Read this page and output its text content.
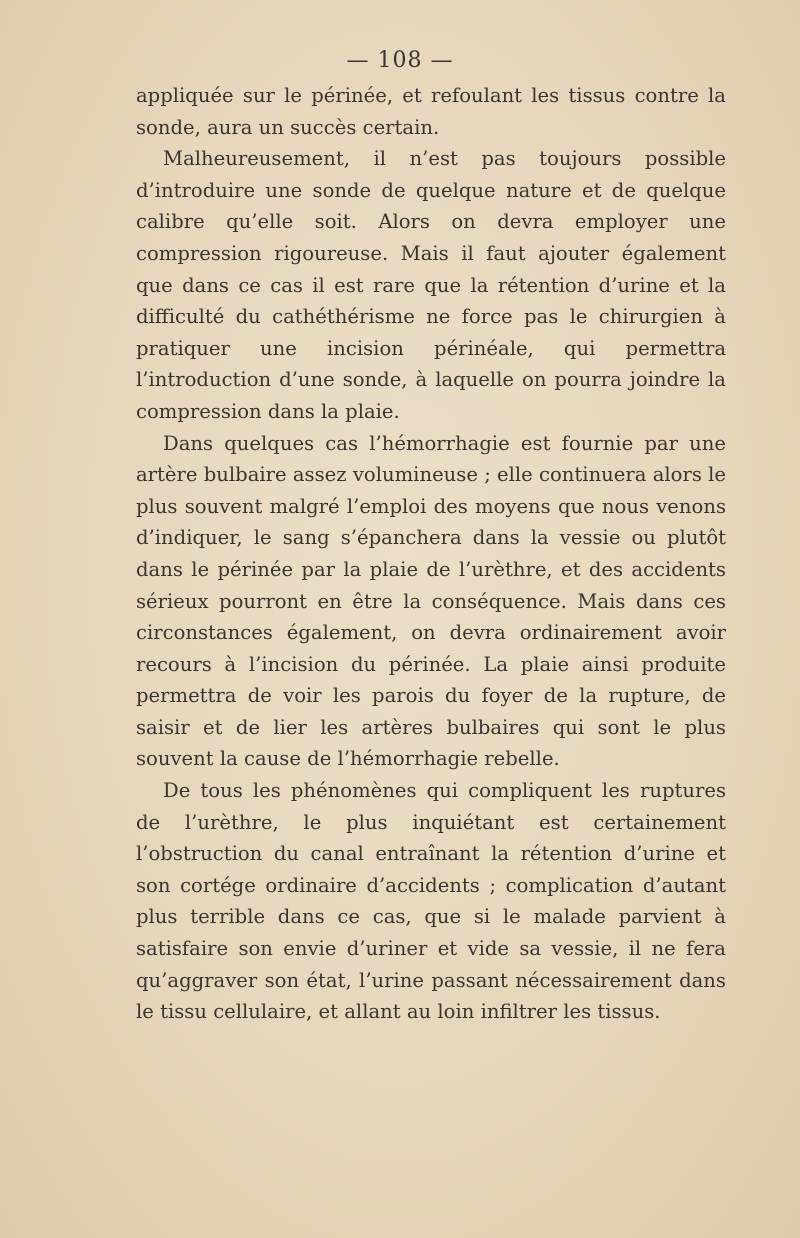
— 108 —

appliquée sur le périnée, et refoulant les tissus contre la sonde, aura un succès certain.

Malheureusement, il n’est pas toujours possible d’introduire une sonde de quelque nature et de quelque calibre qu’elle soit. Alors on devra employer une compression rigoureuse. Mais il faut ajouter également que dans ce cas il est rare que la rétention d’urine et la difficulté du cathéthérisme ne force pas le chirurgien à pratiquer une incision périnéale, qui permettra l’introduction d’une sonde, à laquelle on pourra joindre la compression dans la plaie.

Dans quelques cas l’hémorrhagie est fournie par une artère bulbaire assez volumineuse ; elle continuera alors le plus souvent malgré l’emploi des moyens que nous venons d’indiquer, le sang s’épanchera dans la vessie ou plutôt dans le périnée par la plaie de l’urèthre, et des accidents sérieux pourront en être la conséquence. Mais dans ces circonstances également, on devra ordinairement avoir recours à l’incision du périnée. La plaie ainsi produite permettra de voir les parois du foyer de la rupture, de saisir et de lier les artères bulbaires qui sont le plus souvent la cause de l’hémorrhagie rebelle.

De tous les phénomènes qui compliquent les ruptures de l’urèthre, le plus inquiétant est certainement l’obstruction du canal entraînant la rétention d’urine et son cortége ordinaire d’accidents ; complication d’autant plus terrible dans ce cas, que si le malade parvient à satisfaire son envie d’uriner et vide sa vessie, il ne fera qu’aggraver son état, l’urine passant nécessairement dans le tissu cellulaire, et allant au loin infiltrer les tissus.
